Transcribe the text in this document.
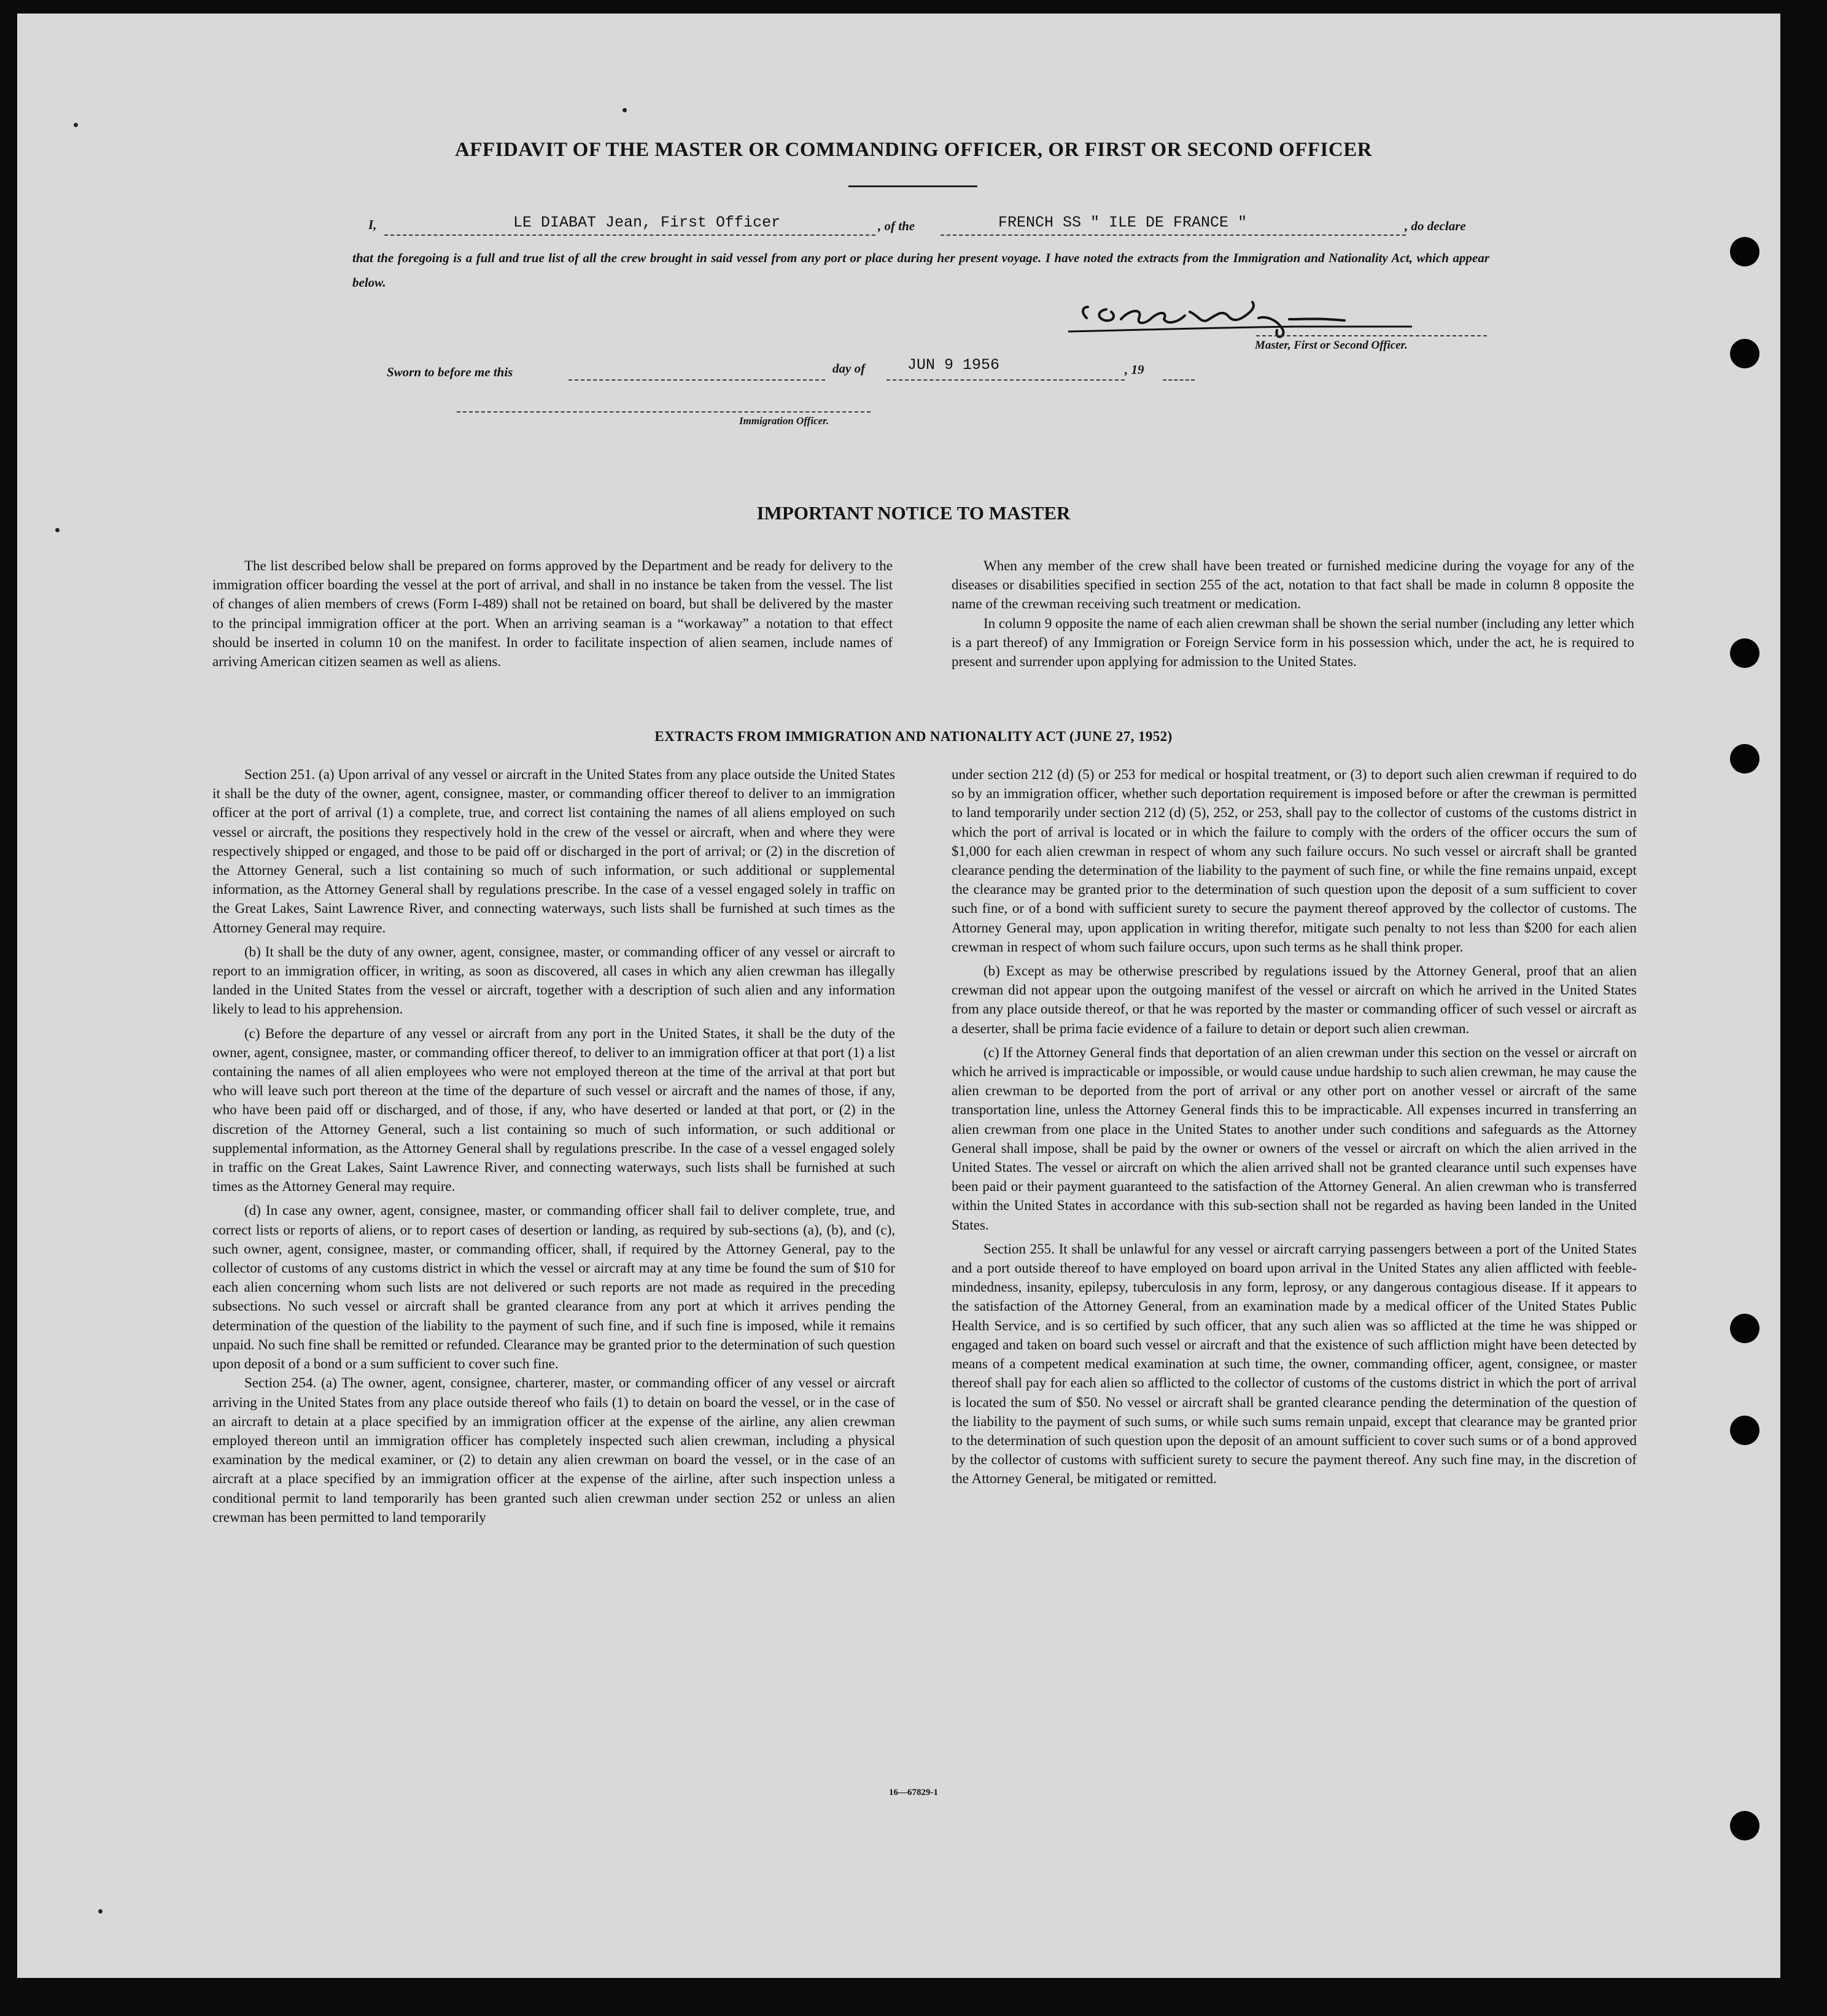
AFFIDAVIT OF THE MASTER OR COMMANDING OFFICER, OR FIRST OR SECOND OFFICER
I,	LE DIABAT Jean, First Officer	, of the	FRENCH SS " ILE DE FRANCE "	, do declare
that the foregoing is a full and true list of all the crew brought in said vessel from any port or place during her present voyage. I have noted the extracts from the Immigration and Nationality Act, which appear below.
Master, First or Second Officer.
Sworn to before me this	day of	JUN 9 1956	, 19
Immigration Officer.
IMPORTANT NOTICE TO MASTER

The list described below shall be prepared on forms approved by the Department and be ready for delivery to the immigration officer boarding the vessel at the port of arrival, and shall in no instance be taken from the vessel. The list of changes of alien members of crews (Form I-489) shall not be retained on board, but shall be delivered by the master to the principal immigration officer at the port. When an arriving seaman is a “workaway” a notation to that effect should be inserted in column 10 on the manifest. In order to facilitate inspection of alien seamen, include names of arriving American citizen seamen as well as aliens.

When any member of the crew shall have been treated or furnished medicine during the voyage for any of the diseases or disabilities specified in section 255 of the act, notation to that fact shall be made in column 8 opposite the name of the crewman receiving such treatment or medication.

In column 9 opposite the name of each alien crewman shall be shown the serial number (including any letter which is a part thereof) of any Immigration or Foreign Service form in his possession which, under the act, he is required to present and surrender upon applying for admission to the United States.

EXTRACTS FROM IMMIGRATION AND NATIONALITY ACT (JUNE 27, 1952)

Section 251. (a) Upon arrival of any vessel or aircraft in the United States from any place outside the United States it shall be the duty of the owner, agent, consignee, master, or commanding officer thereof to deliver to an immigration officer at the port of arrival (1) a complete, true, and correct list containing the names of all aliens employed on such vessel or aircraft, the positions they respectively hold in the crew of the vessel or aircraft, when and where they were respectively shipped or engaged, and those to be paid off or discharged in the port of arrival; or (2) in the discretion of the Attorney General, such a list containing so much of such information, or such additional or supplemental information, as the Attorney General shall by regulations prescribe. In the case of a vessel engaged solely in traffic on the Great Lakes, Saint Lawrence River, and connecting waterways, such lists shall be furnished at such times as the Attorney General may require.

(b) It shall be the duty of any owner, agent, consignee, master, or commanding officer of any vessel or aircraft to report to an immigration officer, in writing, as soon as discovered, all cases in which any alien crewman has illegally landed in the United States from the vessel or aircraft, together with a description of such alien and any information likely to lead to his apprehension.

(c) Before the departure of any vessel or aircraft from any port in the United States, it shall be the duty of the owner, agent, consignee, master, or commanding officer thereof, to deliver to an immigration officer at that port (1) a list containing the names of all alien employees who were not employed thereon at the time of the arrival at that port but who will leave such port thereon at the time of the departure of such vessel or aircraft and the names of those, if any, who have been paid off or discharged, and of those, if any, who have deserted or landed at that port, or (2) in the discretion of the Attorney General, such a list containing so much of such information, or such additional or supplemental information, as the Attorney General shall by regulations prescribe. In the case of a vessel engaged solely in traffic on the Great Lakes, Saint Lawrence River, and connecting waterways, such lists shall be furnished at such times as the Attorney General may require.

(d) In case any owner, agent, consignee, master, or commanding officer shall fail to deliver complete, true, and correct lists or reports of aliens, or to report cases of desertion or landing, as required by sub-sections (a), (b), and (c), such owner, agent, consignee, master, or commanding officer, shall, if required by the Attorney General, pay to the collector of customs of any customs district in which the vessel or aircraft may at any time be found the sum of $10 for each alien concerning whom such lists are not delivered or such reports are not made as required in the preceding subsections. No such vessel or aircraft shall be granted clearance from any port at which it arrives pending the determination of the question of the liability to the payment of such fine, and if such fine is imposed, while it remains unpaid. No such fine shall be remitted or refunded. Clearance may be granted prior to the determination of such question upon deposit of a bond or a sum sufficient to cover such fine.

Section 254. (a) The owner, agent, consignee, charterer, master, or commanding officer of any vessel or aircraft arriving in the United States from any place outside thereof who fails (1) to detain on board the vessel, or in the case of an aircraft to detain at a place specified by an immigration officer at the expense of the airline, any alien crewman employed thereon until an immigration officer has completely inspected such alien crewman, including a physical examination by the medical examiner, or (2) to detain any alien crewman on board the vessel, or in the case of an aircraft at a place specified by an immigration officer at the expense of the airline, after such inspection unless a conditional permit to land temporarily has been granted such alien crewman under section 252 or unless an alien crewman has been permitted to land temporarily

under section 212 (d) (5) or 253 for medical or hospital treatment, or (3) to deport such alien crewman if required to do so by an immigration officer, whether such deportation requirement is imposed before or after the crewman is permitted to land temporarily under section 212 (d) (5), 252, or 253, shall pay to the collector of customs of the customs district in which the port of arrival is located or in which the failure to comply with the orders of the officer occurs the sum of $1,000 for each alien crewman in respect of whom any such failure occurs. No such vessel or aircraft shall be granted clearance pending the determination of the liability to the payment of such fine, or while the fine remains unpaid, except the clearance may be granted prior to the determination of such question upon the deposit of a sum sufficient to cover such fine, or of a bond with sufficient surety to secure the payment thereof approved by the collector of customs. The Attorney General may, upon application in writing therefor, mitigate such penalty to not less than $200 for each alien crewman in respect of whom such failure occurs, upon such terms as he shall think proper.

(b) Except as may be otherwise prescribed by regulations issued by the Attorney General, proof that an alien crewman did not appear upon the outgoing manifest of the vessel or aircraft on which he arrived in the United States from any place outside thereof, or that he was reported by the master or commanding officer of such vessel or aircraft as a deserter, shall be prima facie evidence of a failure to detain or deport such alien crewman.

(c) If the Attorney General finds that deportation of an alien crewman under this section on the vessel or aircraft on which he arrived is impracticable or impossible, or would cause undue hardship to such alien crewman, he may cause the alien crewman to be deported from the port of arrival or any other port on another vessel or aircraft of the same transportation line, unless the Attorney General finds this to be impracticable. All expenses incurred in transferring an alien crewman from one place in the United States to another under such conditions and safeguards as the Attorney General shall impose, shall be paid by the owner or owners of the vessel or aircraft on which the alien arrived in the United States. The vessel or aircraft on which the alien arrived shall not be granted clearance until such expenses have been paid or their payment guaranteed to the satisfaction of the Attorney General. An alien crewman who is transferred within the United States in accordance with this sub-section shall not be regarded as having been landed in the United States.

Section 255. It shall be unlawful for any vessel or aircraft carrying passengers between a port of the United States and a port outside thereof to have employed on board upon arrival in the United States any alien afflicted with feeble-mindedness, insanity, epilepsy, tuberculosis in any form, leprosy, or any dangerous contagious disease. If it appears to the satisfaction of the Attorney General, from an examination made by a medical officer of the United States Public Health Service, and is so certified by such officer, that any such alien was so afflicted at the time he was shipped or engaged and taken on board such vessel or aircraft and that the existence of such affliction might have been detected by means of a competent medical examination at such time, the owner, commanding officer, agent, consignee, or master thereof shall pay for each alien so afflicted to the collector of customs of the customs district in which the port of arrival is located the sum of $50. No vessel or aircraft shall be granted clearance pending the determination of the question of the liability to the payment of such sums, or while such sums remain unpaid, except that clearance may be granted prior to the determination of such question upon the deposit of an amount sufficient to cover such sums or of a bond approved by the collector of customs with sufficient surety to secure the payment thereof. Any such fine may, in the discretion of the Attorney General, be mitigated or remitted.

16—67829-1
